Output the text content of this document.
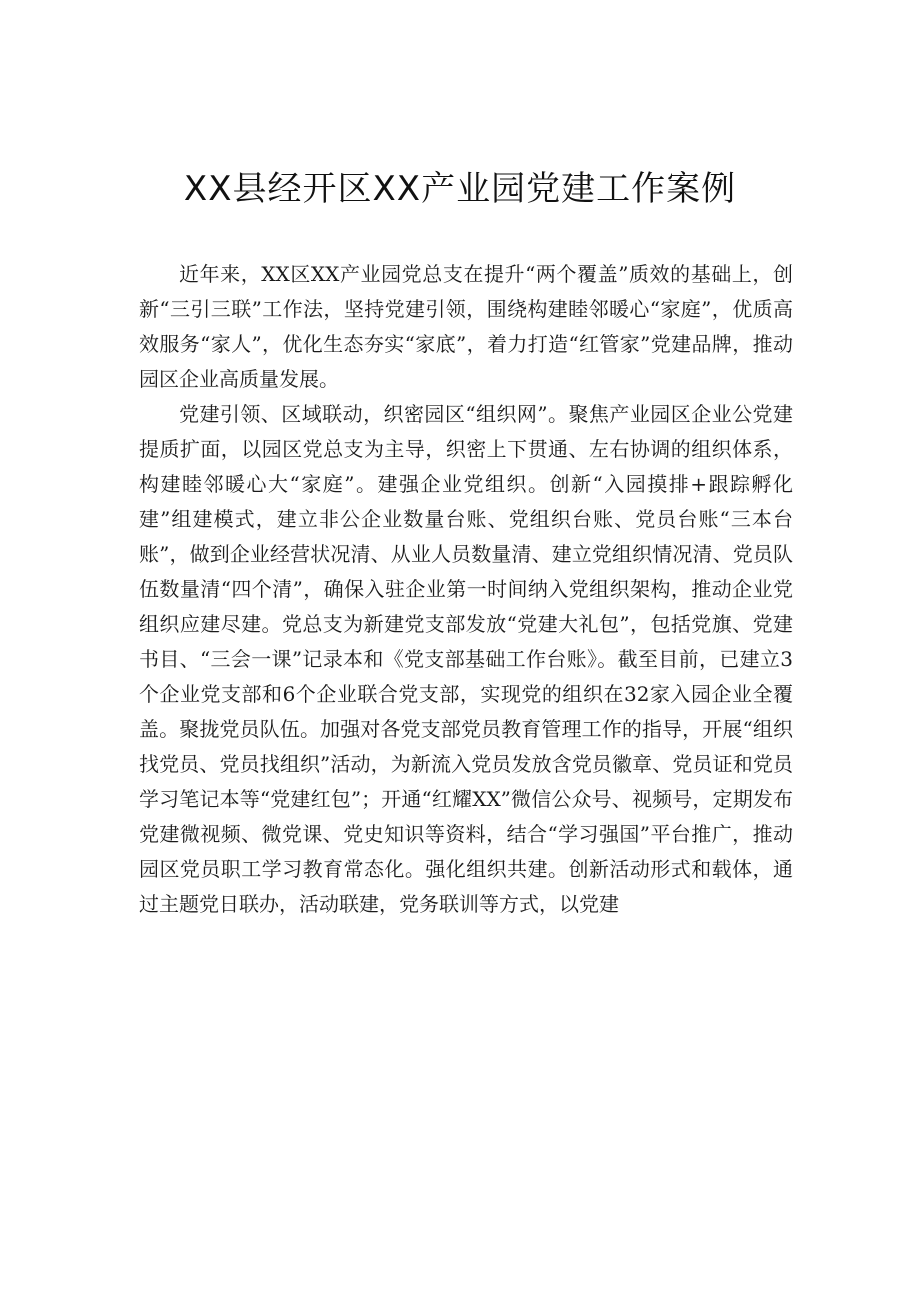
XX县经开区XX产业园党建工作案例

近年来，XX区XX产业园党总支在提升“两个覆盖”质效的基础上，创新“三引三联”工作法，坚持党建引领，围绕构建睦邻暖心“家庭”，优质高效服务“家人”，优化生态夯实“家底”，着力打造“红管家”党建品牌，推动园区企业高质量发展。

党建引领、区域联动，织密园区“组织网”。聚焦产业园区企业公党建提质扩面，以园区党总支为主导，织密上下贯通、左右协调的组织体系，构建睦邻暖心大“家庭”。建强企业党组织。创新“入园摸排+跟踪孵化建”组建模式，建立非公企业数量台账、党组织台账、党员台账“三本台账”，做到企业经营状况清、从业人员数量清、建立党组织情况清、党员队伍数量清“四个清”，确保入驻企业第一时间纳入党组织架构，推动企业党组织应建尽建。党总支为新建党支部发放“党建大礼包”，包括党旗、党建书目、“三会一课”记录本和《党支部基础工作台账》。截至目前，已建立3个企业党支部和6个企业联合党支部，实现党的组织在32家入园企业全覆盖。聚拢党员队伍。加强对各党支部党员教育管理工作的指导，开展“组织找党员、党员找组织”活动，为新流入党员发放含党员徽章、党员证和党员学习笔记本等“党建红包”；开通“红耀XX”微信公众号、视频号，定期发布党建微视频、微党课、党史知识等资料，结合“学习强国”平台推广，推动园区党员职工学习教育常态化。强化组织共建。创新活动形式和载体，通过主题党日联办，活动联建，党务联训等方式，以党建
